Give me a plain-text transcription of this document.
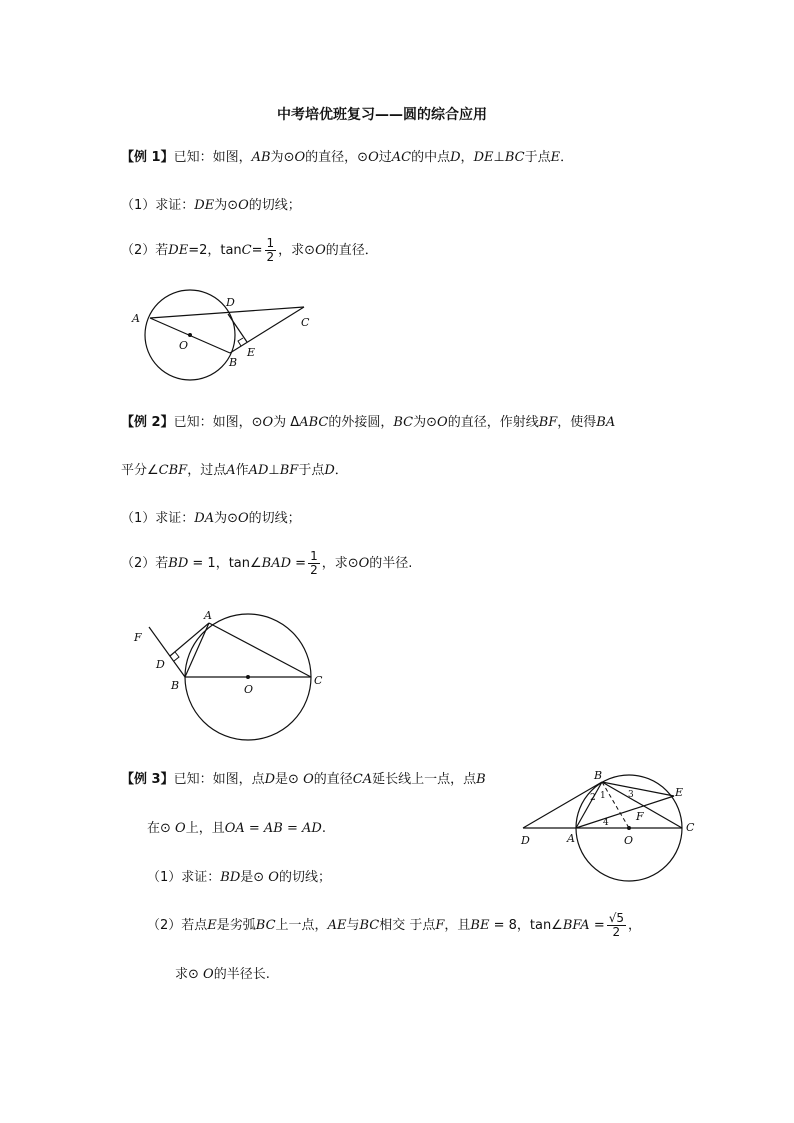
中考培优班复习——圆的综合应用
【例 1】已知：如图，AB为⊙O的直径，⊙O过AC的中点D，DE⊥BC于点E．
（1）求证：DE为⊙O的切线；
（2）若DE=2，$\tan C= \frac{1}{2}$ ，求⊙O的直径．
A
D
C
O
E
B
A
F
D
B	O
C
B
E
F
C
D	A	O
2 1 3
4
【例 2】已知：如图，⊙O为 ΔABC的外接圆，BC为⊙O的直径，作射线BF，使得BA
平分∠CBF，过点A作AD⊥BF于点D．
（1）求证：DA为⊙O的切线；
（2）若BD = 1，tan∠BAD = $\frac{1}{2}$ ，求⊙O的半径.
【例 3】已知：如图，点D是⊙ O的直径CA延长线上一点，点B
在⊙ O上，且OA = AB = AD.
（1）求证：BD是⊙ O的切线；
（2）若点E是劣弧BC上一点，AE与BC相交 于点F，且BE = 8，tan∠BFA = $\frac{√5}{2}$ ，
求⊙ O的半径长.
